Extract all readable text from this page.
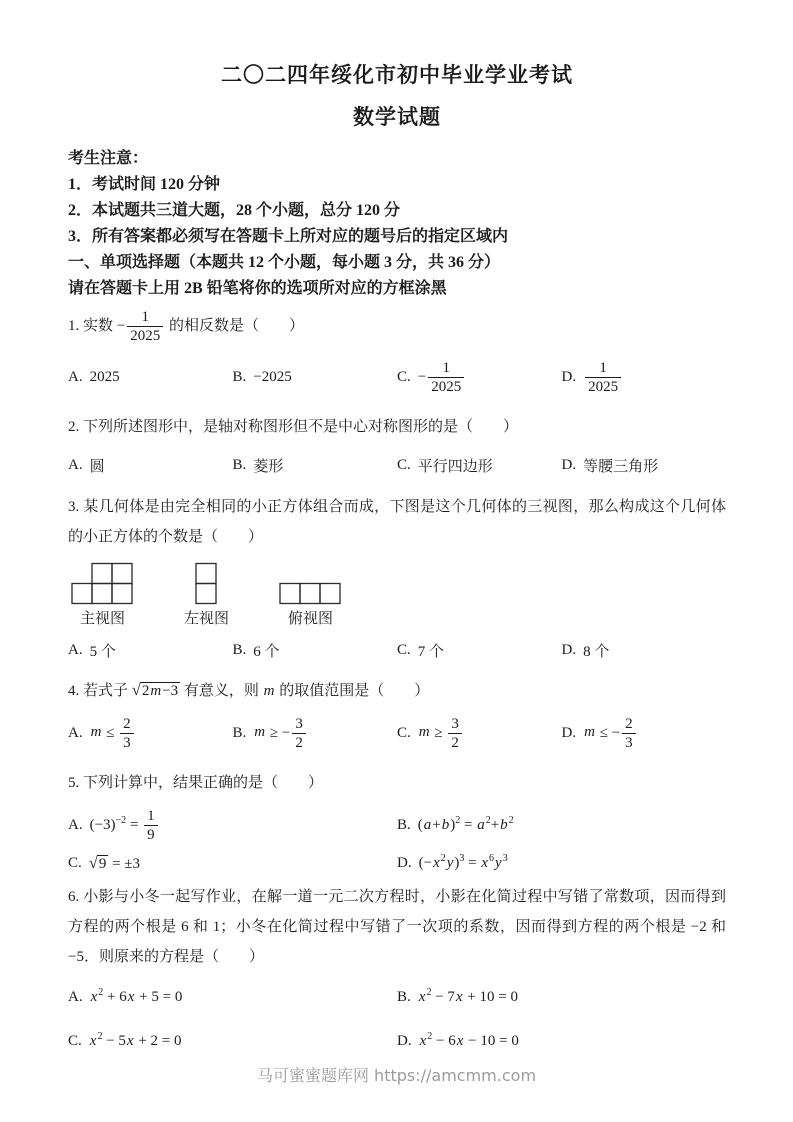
二〇二四年绥化市初中毕业学业考试
数学试题
考生注意：
1．考试时间 120 分钟
2．本试题共三道大题，28 个小题，总分 120 分
3．所有答案都必须写在答题卡上所对应的题号后的指定区域内
一、单项选择题（本题共 12 个小题，每小题 3 分，共 36 分）
请在答题卡上用 2B 铅笔将你的选项所对应的方框涂黑
1. 实数 − $\frac{1}{2025}$ 的相反数是（　　）
A. 2025	B. −2025	C. − $\frac{1}{2025}$	D. $\frac{1}{2025}$
2. 下列所述图形中，是轴对称图形但不是中心对称图形的是（　　）
A. 圆	B. 菱形	C. 平行四边形	D. 等腰三角形
3. 某几何体是由完全相同的小正方体组合而成，下图是这个几何体的三视图，那么构成这个几何体的小正方体的个数是（　　）
主视图	左视图	俯视图
A. 5 个	B. 6 个	C. 7 个	D. 8 个
4. 若式子 √2m−3 有意义，则 m 的取值范围是（　　）
A. $m \le \frac{2}{3}$	B. m ≥ − $\frac{3}{2}$	C. $m \ge \frac{3}{2}$	D. m ≤ − $\frac{2}{3}$
5. 下列计算中，结果正确的是（　　）
A. $(-3)^{-2} = \frac{1}{9}$	B. $(a+b)^2 = a^2+b^2$
C. √9 = ±3	D. $(-x^2y)^3 = x^6y^3$
6. 小影与小冬一起写作业，在解一道一元二次方程时，小影在化简过程中写错了常数项，因而得到方程的两个根是 6 和 1；小冬在化简过程中写错了一次项的系数，因而得到方程的两个根是 −2 和 −5．则原来的方程是（　　）
A. $x^2 + 6x + 5 = 0$	B. $x^2 - 7x + 10 = 0$
C. $x^2 - 5x + 2 = 0$	D. $x^2 - 6x - 10 = 0$
马可蜜蜜题库网 https://amcmm.com
